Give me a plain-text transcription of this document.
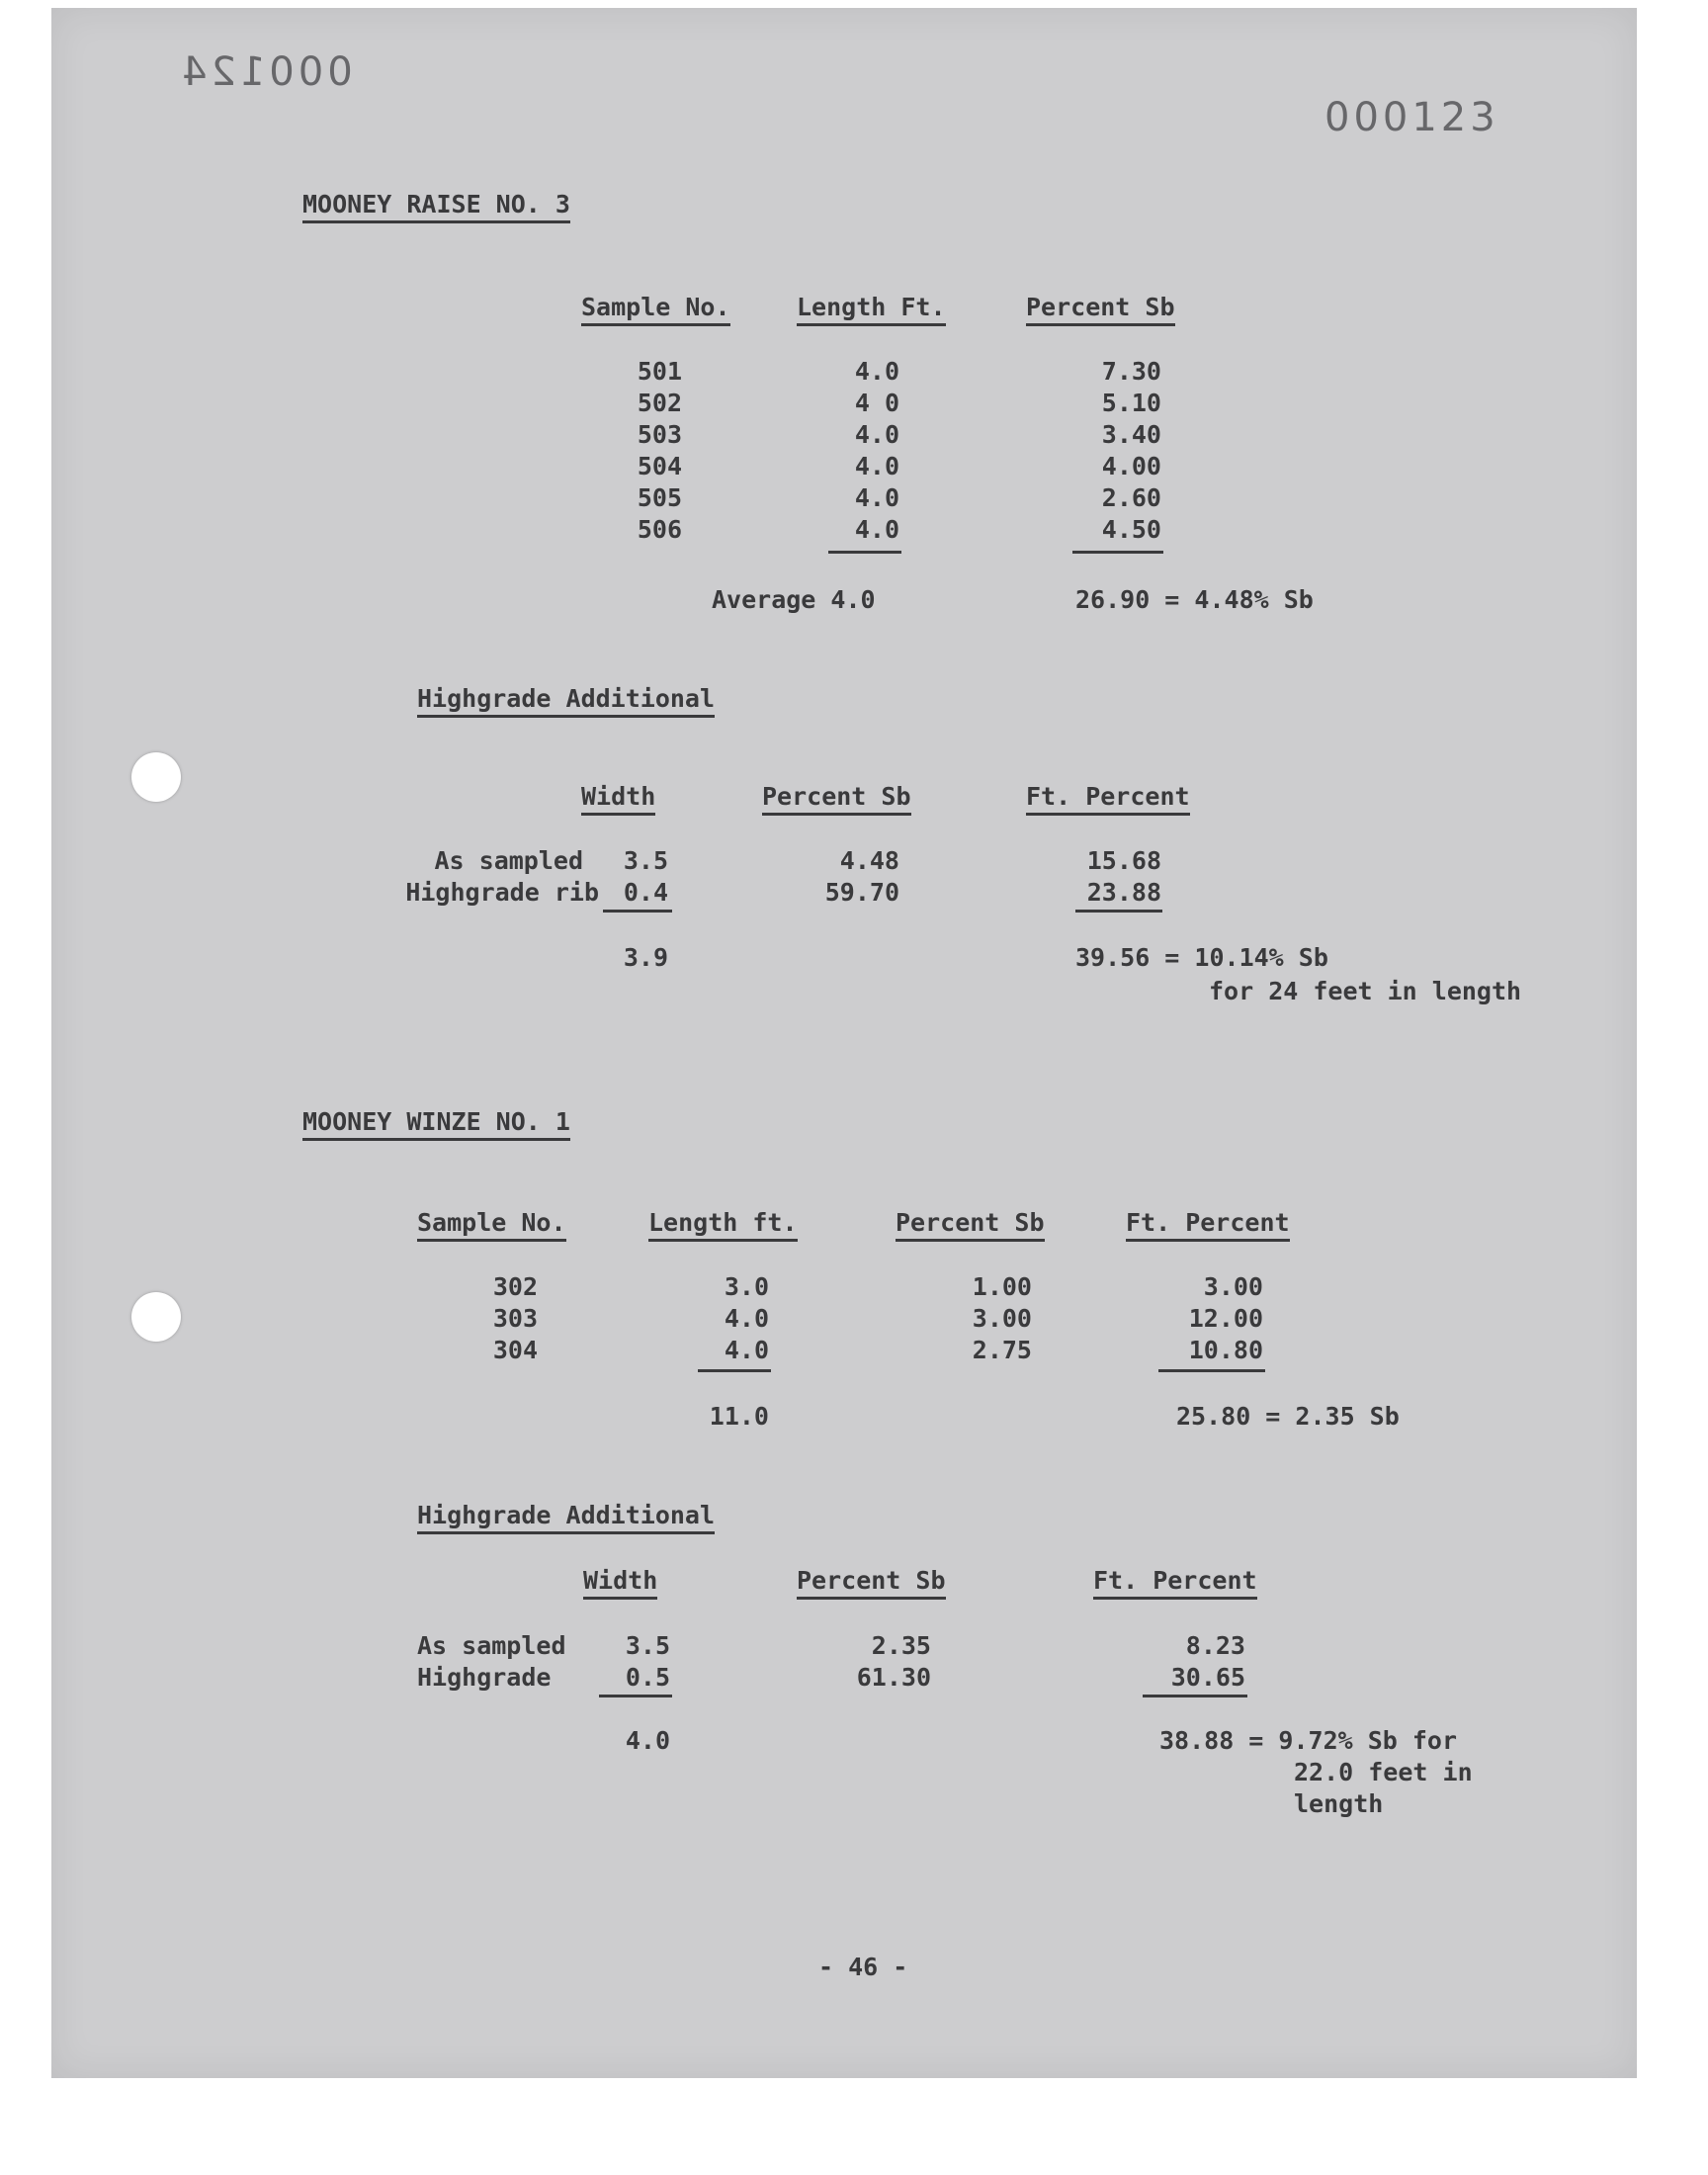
000124
000123
MOONEY RAISE NO. 3
Sample No.	Length Ft.	Percent Sb
501	4.0	7.30
502	4 0	5.10
503	4.0	3.40
504	4.0	4.00
505	4.0	2.60
506	4.0	4.50
Average 4.0	26.90 = 4.48% Sb
Highgrade Additional
Width	Percent Sb	Ft. Percent
As sampled	3.5	4.48	15.68
Highgrade rib 0.4	59.70	23.88
3.9	39.56 = 10.14% Sb
for 24 feet in length
MOONEY WINZE NO. 1
Sample No.	Length ft.	Percent Sb	Ft. Percent
302	3.0	1.00	3.00
303	4.0	3.00	12.00
304	4.0	2.75	10.80
11.0	25.80 = 2.35 Sb
Highgrade Additional
Width	Percent Sb	Ft. Percent
As sampled	3.5	2.35	8.23
Highgrade	0.5	61.30	30.65
4.0	38.88 = 9.72% Sb for
22.0 feet in
length
- 46 -
